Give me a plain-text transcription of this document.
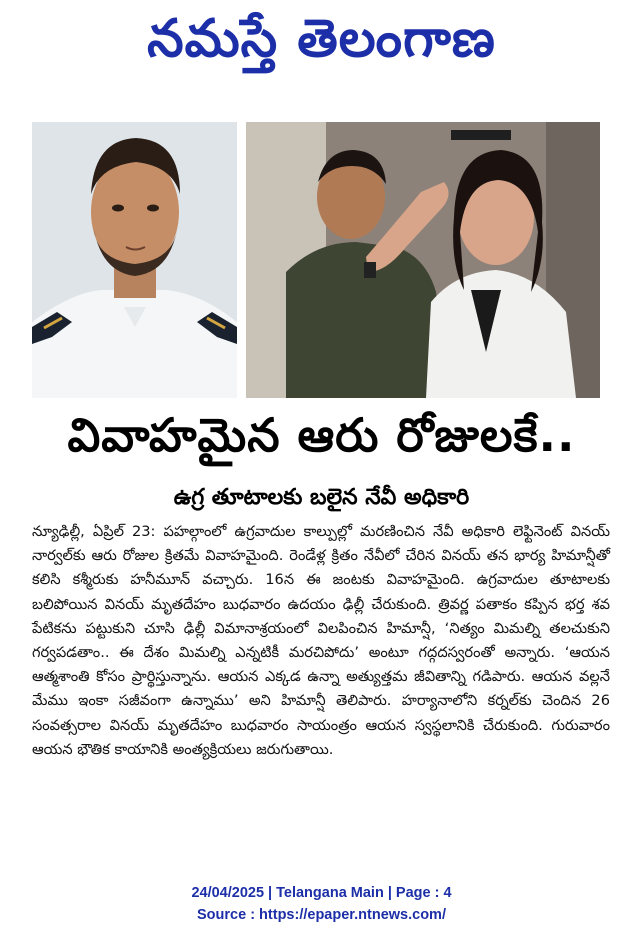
నమస్తే తెలంగాణ
వివాహమైన ఆరు రోజులకే..
ఉగ్ర తూటాలకు బలైన నేవీ అధికారి
న్యూఢిల్లీ, ఏప్రిల్ 23: పహల్గాంలో ఉగ్రవాదుల కాల్పుల్లో మరణించిన నేవీ అధికారి లెఫ్టినెంట్ వినయ్ నార్వల్‌కు ఆరు రోజుల క్రితమే వివాహమైంది. రెండేళ్ల క్రితం నేవీలో చేరిన వినయ్ తన భార్య హిమాన్షీతో కలిసి కశ్మీరుకు హనీమూన్ వచ్చారు. 16న ఈ జంటకు వివాహమైంది. ఉగ్రవాదుల తూటాలకు బలిపోయిన వినయ్ మృతదేహం బుధవారం ఉదయం ఢిల్లీ చేరుకుంది. త్రివర్ణ పతాకం కప్పిన భర్త శవ పేటికను పట్టుకుని చూసి ఢిల్లీ విమానాశ్రయంలో విలపించిన హిమాన్షీ, ‘నిత్యం మిమల్ని తలచుకుని గర్వపడతాం.. ఈ దేశం మిమల్ని ఎన్నటికీ మరచిపోదు’ అంటూ గద్గదస్వరంతో అన్నారు. ‘ఆయన ఆత్మశాంతి కోసం ప్రార్థిస్తున్నాను. ఆయన ఎక్కడ ఉన్నా అత్యుత్తమ జీవితాన్ని గడిపారు. ఆయన వల్లనే మేము ఇంకా సజీవంగా ఉన్నాము’ అని హిమాన్షీ తెలిపారు. హర్యానాలోని కర్నల్‌కు చెందిన 26 సంవత్సరాల వినయ్ మృతదేహం బుధవారం సాయంత్రం ఆయన స్వస్థలానికి చేరుకుంది. గురువారం ఆయన భౌతిక కాయానికి అంత్యక్రియలు జరుగుతాయి.
24/04/2025 | Telangana Main | Page : 4
Source : https://epaper.ntnews.com/
